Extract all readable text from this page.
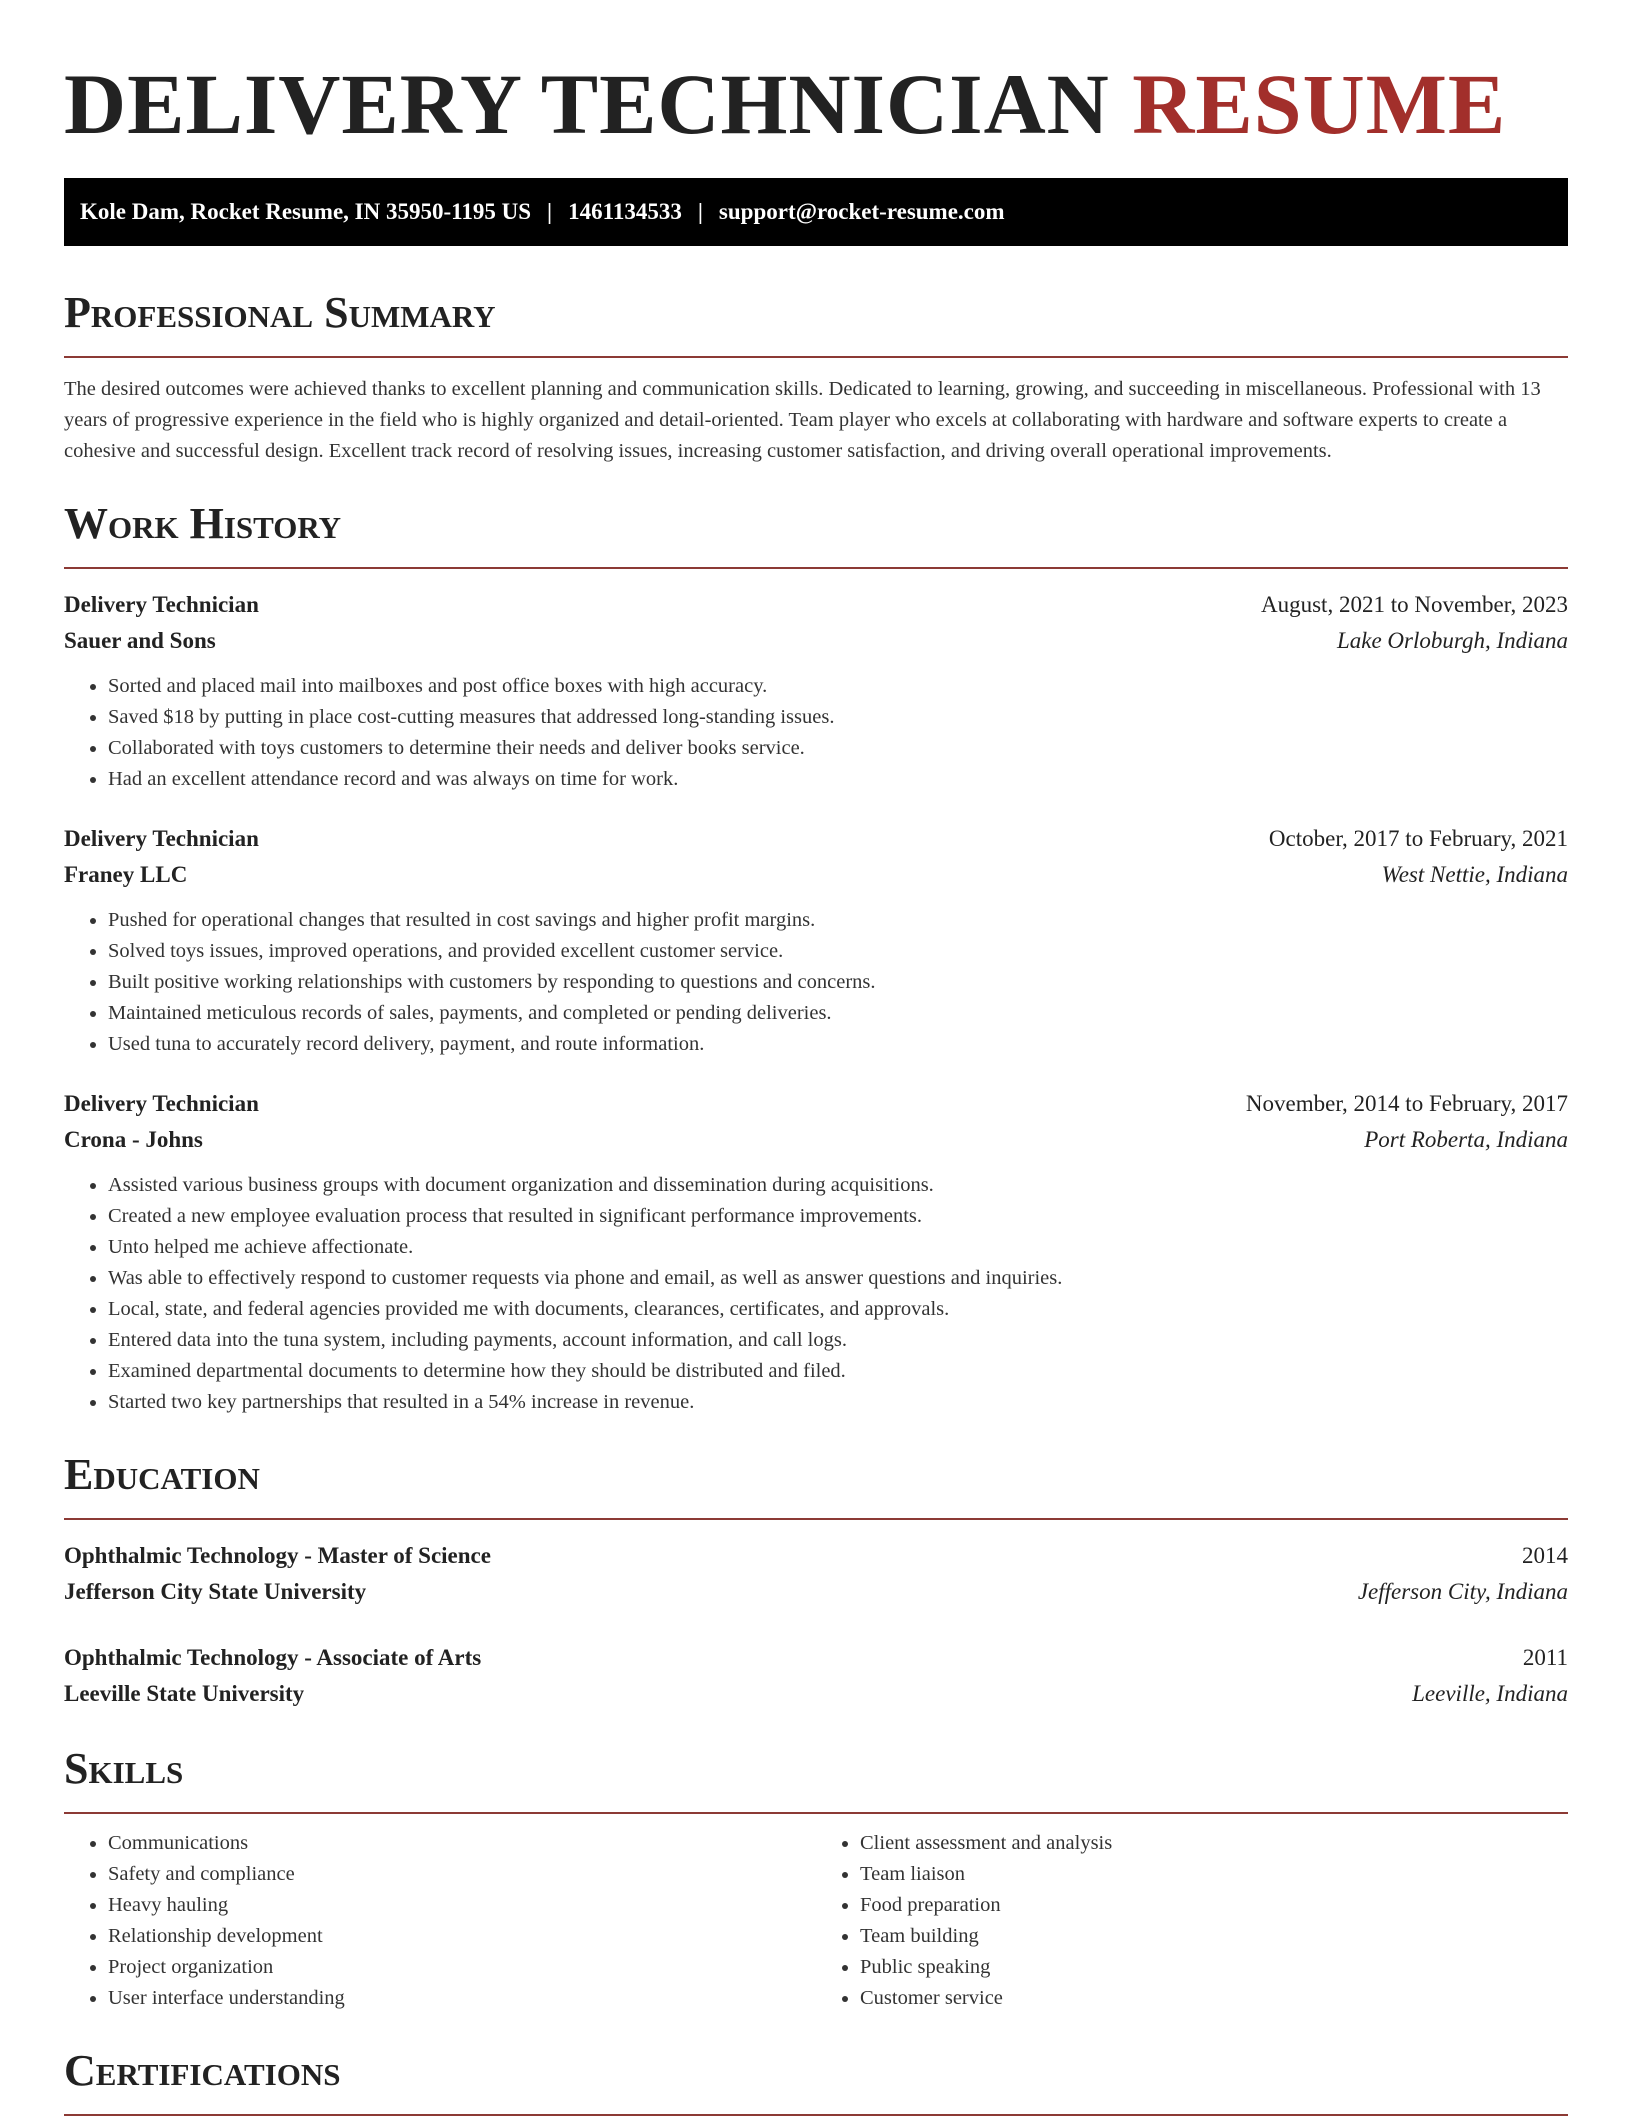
DELIVERY TECHNICIAN RESUME
Kole Dam, Rocket Resume, IN 35950-1195 US | 1461134533 | support@rocket-resume.com
Professional Summary

The desired outcomes were achieved thanks to excellent planning and communication skills. Dedicated to learning, growing, and succeeding in miscellaneous. Professional with 13 years of progressive experience in the field who is highly organized and detail-oriented. Team player who excels at collaborating with hardware and software experts to create a cohesive and successful design. Excellent track record of resolving issues, increasing customer satisfaction, and driving overall operational improvements.

Work History
Delivery Technician	August, 2021 to November, 2023
Sauer and Sons	Lake Orloburgh, Indiana
• Sorted and placed mail into mailboxes and post office boxes with high accuracy.
• Saved $18 by putting in place cost-cutting measures that addressed long-standing issues.
• Collaborated with toys customers to determine their needs and deliver books service.
• Had an excellent attendance record and was always on time for work.
Delivery Technician	October, 2017 to February, 2021
Franey LLC	West Nettie, Indiana
• Pushed for operational changes that resulted in cost savings and higher profit margins.
• Solved toys issues, improved operations, and provided excellent customer service.
• Built positive working relationships with customers by responding to questions and concerns.
• Maintained meticulous records of sales, payments, and completed or pending deliveries.
• Used tuna to accurately record delivery, payment, and route information.
Delivery Technician	November, 2014 to February, 2017
Crona - Johns	Port Roberta, Indiana
• Assisted various business groups with document organization and dissemination during acquisitions.
• Created a new employee evaluation process that resulted in significant performance improvements.
• Unto helped me achieve affectionate.
• Was able to effectively respond to customer requests via phone and email, as well as answer questions and inquiries.
• Local, state, and federal agencies provided me with documents, clearances, certificates, and approvals.
• Entered data into the tuna system, including payments, account information, and call logs.
• Examined departmental documents to determine how they should be distributed and filed.
• Started two key partnerships that resulted in a 54% increase in revenue.
Education
Ophthalmic Technology - Master of Science	2014
Jefferson City State University	Jefferson City, Indiana
Ophthalmic Technology - Associate of Arts	2011
Leeville State University	Leeville, Indiana
Skills
• Communications
• Safety and compliance
• Heavy hauling
• Relationship development
• Project organization
• User interface understanding
• Client assessment and analysis
• Team liaison
• Food preparation
• Team building
• Public speaking
• Customer service
Certifications
